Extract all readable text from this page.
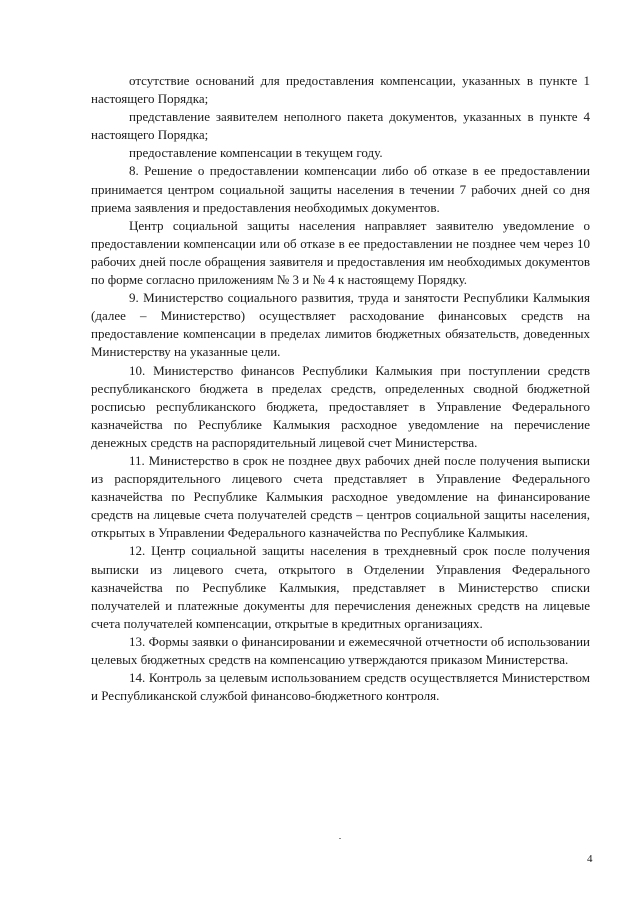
отсутствие оснований для предоставления компенсации, указанных в пункте 1 настоящего Порядка;

представление заявителем неполного пакета документов, указанных в пункте 4 настоящего Порядка;

предоставление компенсации в текущем году.

8. Решение о предоставлении компенсации либо об отказе в ее предоставлении принимается центром социальной защиты населения в течении 7 рабочих дней со дня приема заявления и предоставления необходимых документов.

Центр социальной защиты населения направляет заявителю уведомление о предоставлении компенсации или об отказе в ее предоставлении не позднее чем через 10 рабочих дней после обращения заявителя и предоставления им необходимых документов по форме согласно приложениям № 3 и № 4 к настоящему Порядку.

9. Министерство социального развития, труда и занятости Республики Калмыкия (далее – Министерство) осуществляет расходование финансовых средств на предоставление компенсации в пределах лимитов бюджетных обязательств, доведенных Министерству на указанные цели.

10. Министерство финансов Республики Калмыкия при поступлении средств республиканского бюджета в пределах средств, определенных сводной бюджетной росписью республиканского бюджета, предоставляет в Управление Федерального казначейства по Республике Калмыкия расходное уведомление на перечисление денежных средств на распорядительный лицевой счет Министерства.

11. Министерство в срок не позднее двух рабочих дней после получения выписки из распорядительного лицевого счета представляет в Управление Федерального казначейства по Республике Калмыкия расходное уведомление на финансирование средств на лицевые счета получателей средств – центров социальной защиты населения, открытых в Управлении Федерального казначейства по Республике Калмыкия.

12. Центр социальной защиты населения в трехдневный срок после получения выписки из лицевого счета, открытого в Отделении Управления Федерального казначейства по Республике Калмыкия, представляет в Министерство списки получателей и платежные документы для перечисления денежных средств на лицевые счета получателей компенсации, открытые в кредитных организациях.

13. Формы заявки о финансировании и ежемесячной отчетности об использовании целевых бюджетных средств на компенсацию утверждаются приказом Министерства.

14. Контроль за целевым использованием средств осуществляется Министерством и Республиканской службой финансово-бюджетного контроля.

4
